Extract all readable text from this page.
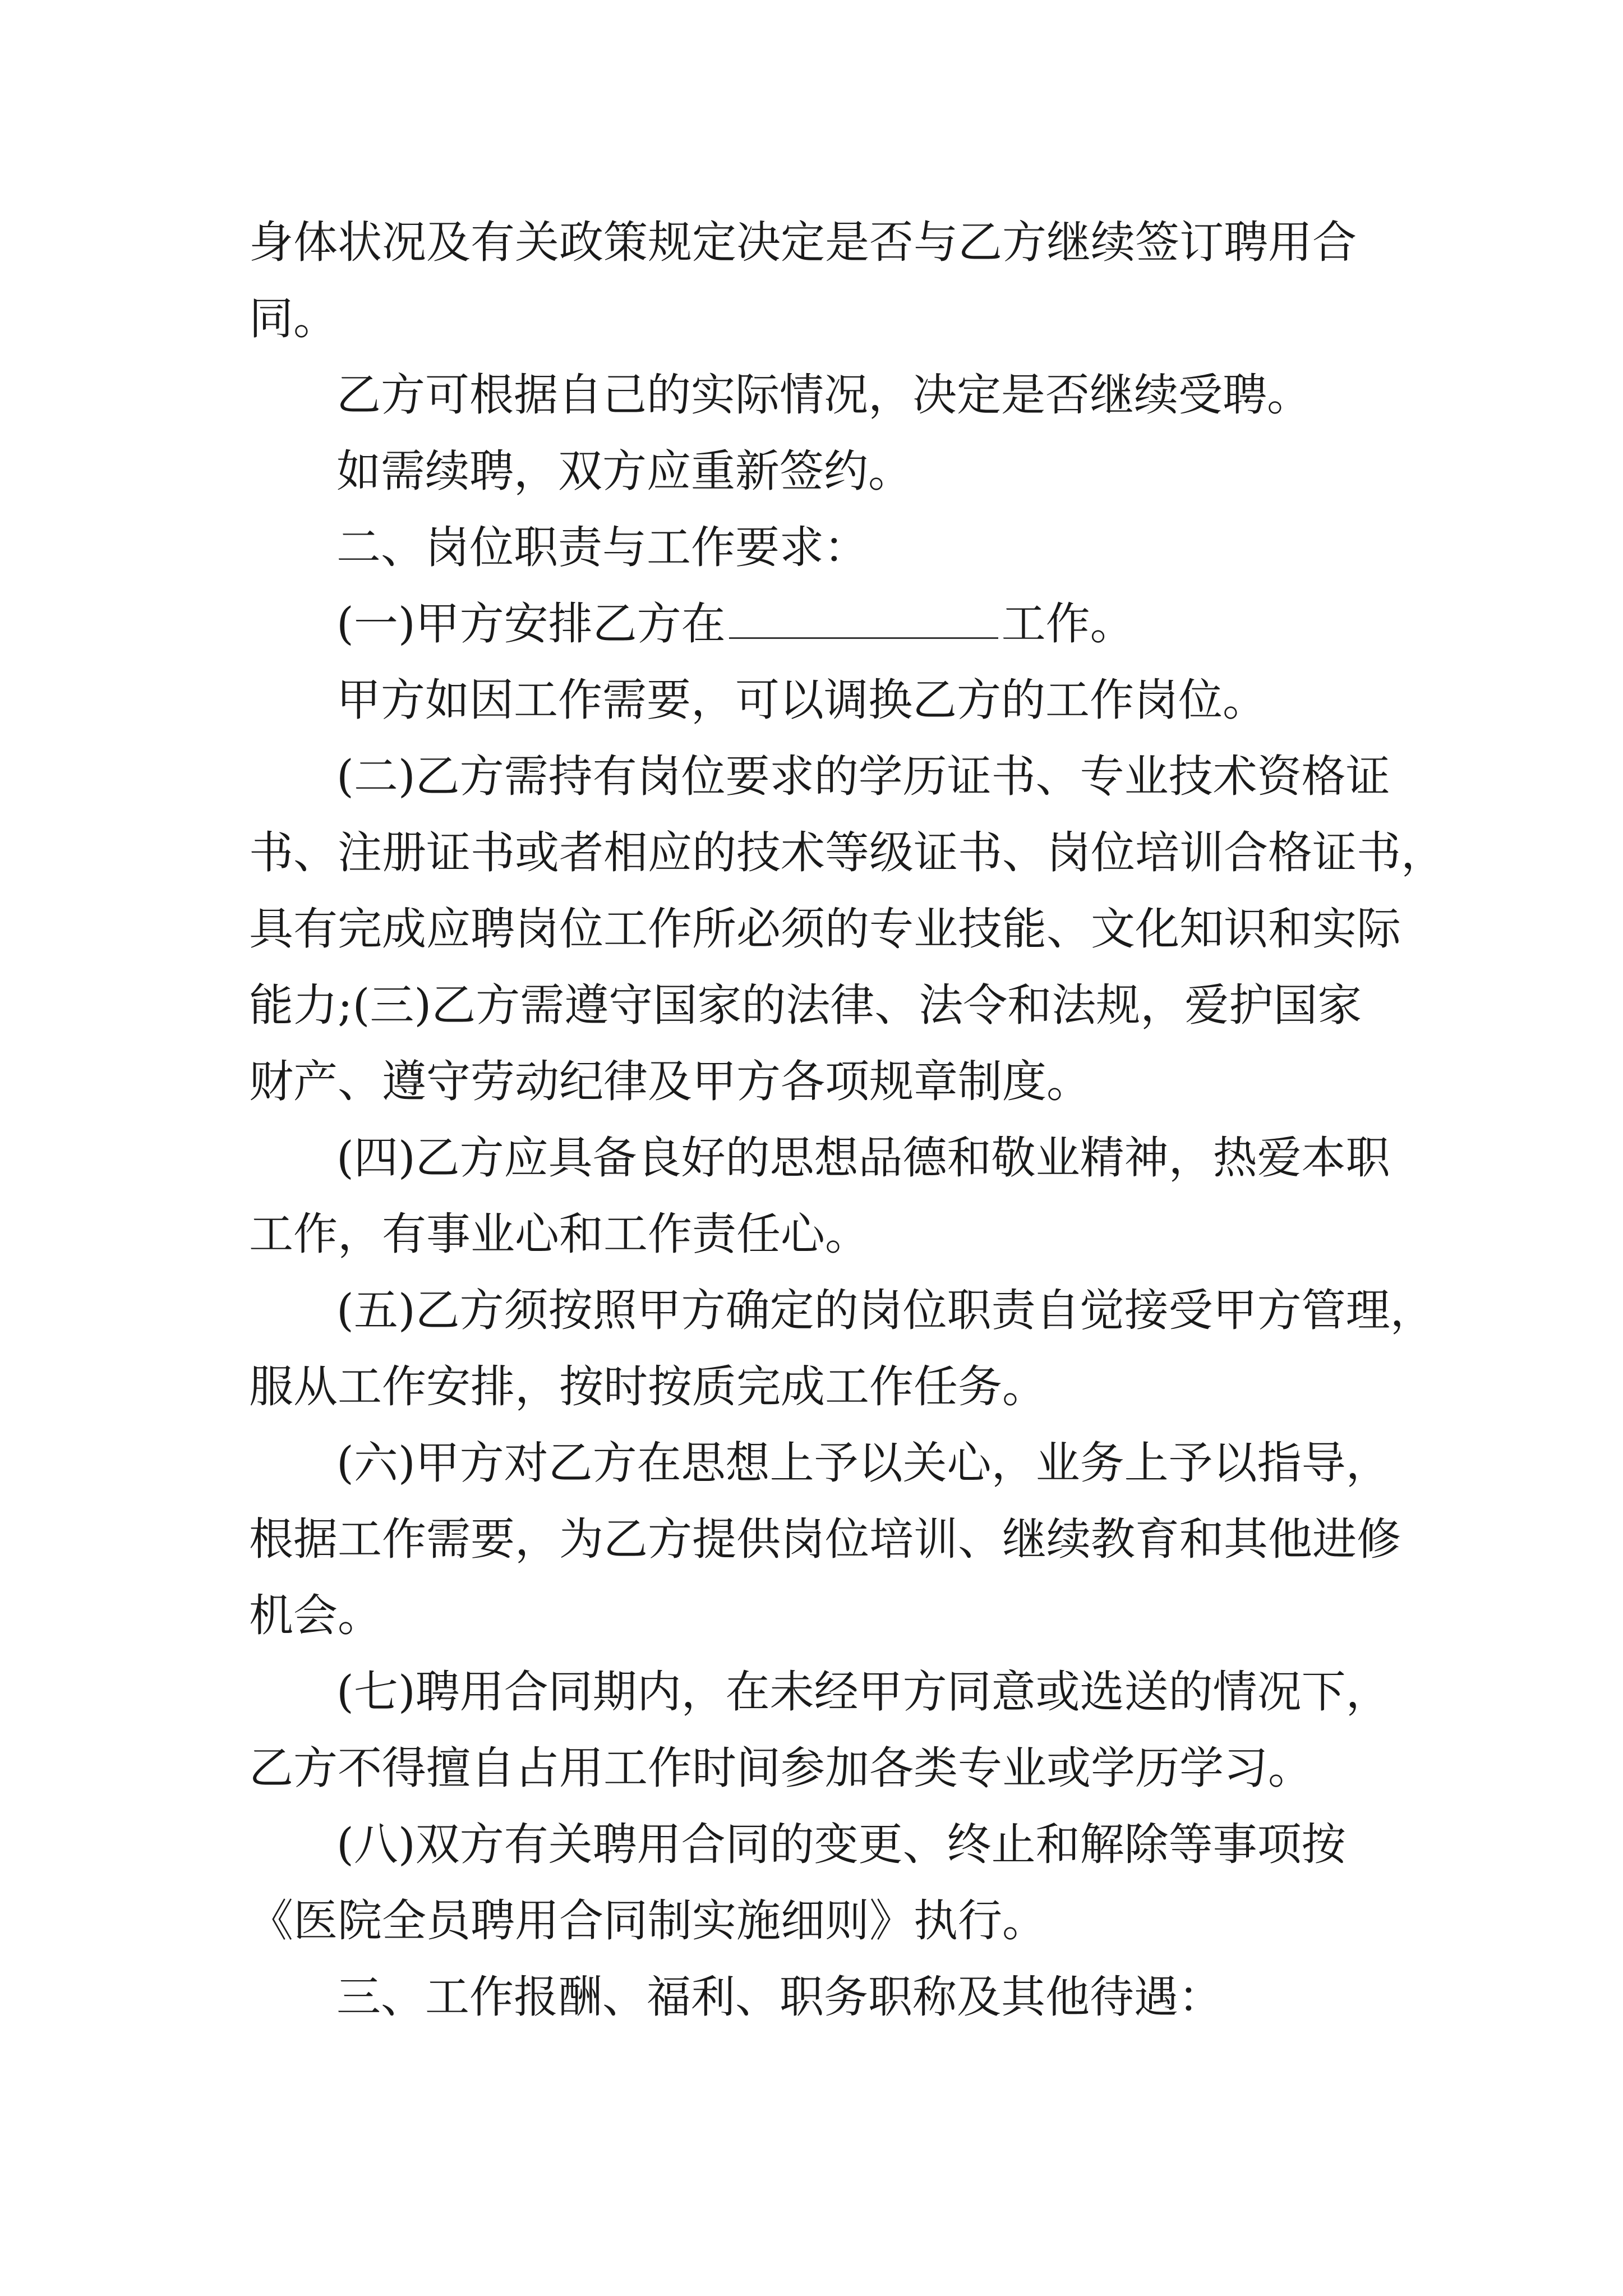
身体状况及有关政策规定决定是否与乙方继续签订聘用合
同。
乙方可根据自己的实际情况，决定是否继续受聘。
如需续聘，双方应重新签约。
二、岗位职责与工作要求：
(一)甲方安排乙方在	工作。
甲方如因工作需要，可以调换乙方的工作岗位。
(二)乙方需持有岗位要求的学历证书、专业技术资格证
书、注册证书或者相应的技术等级证书、岗位培训合格证书，
具有完成应聘岗位工作所必须的专业技能、文化知识和实际
能力;(三)乙方需遵守国家的法律、法令和法规，爱护国家
财产、遵守劳动纪律及甲方各项规章制度。
(四)乙方应具备良好的思想品德和敬业精神，热爱本职
工作，有事业心和工作责任心。
(五)乙方须按照甲方确定的岗位职责自觉接受甲方管理，
服从工作安排，按时按质完成工作任务。
(六)甲方对乙方在思想上予以关心，业务上予以指导，
根据工作需要，为乙方提供岗位培训、继续教育和其他进修
机会。
(七)聘用合同期内，在未经甲方同意或选送的情况下，
乙方不得擅自占用工作时间参加各类专业或学历学习。
(八)双方有关聘用合同的变更、终止和解除等事项按
《医院全员聘用合同制实施细则》执行。
三、工作报酬、福利、职务职称及其他待遇：
